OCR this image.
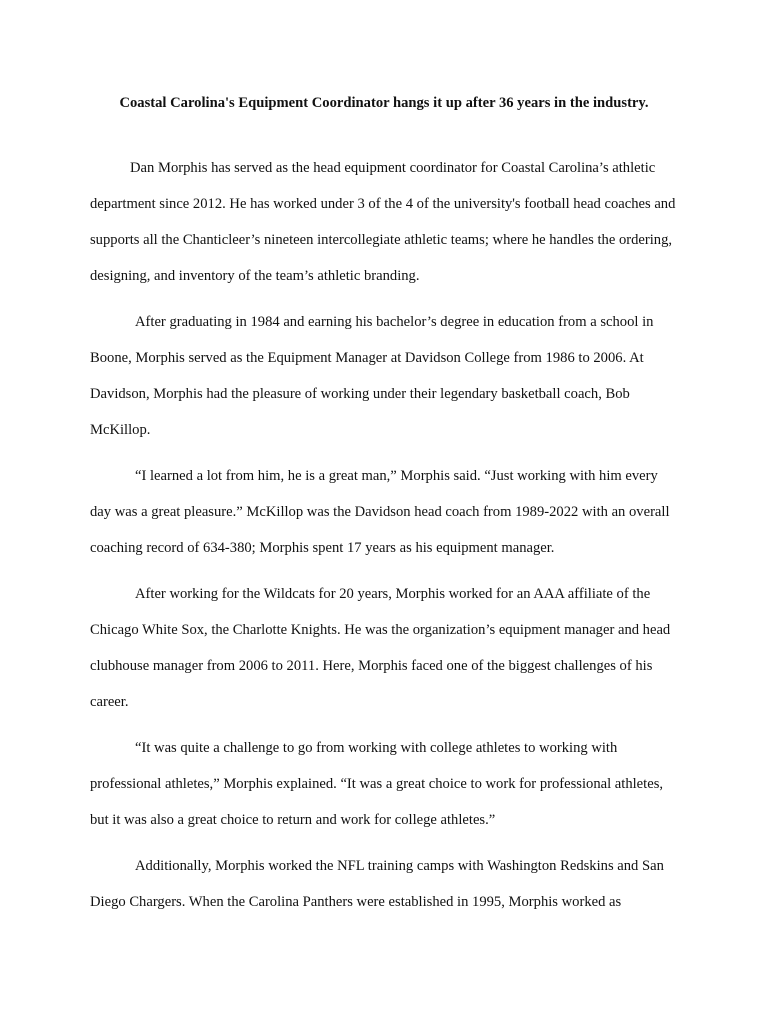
Coastal Carolina's Equipment Coordinator hangs it up after 36 years in the industry.

Dan Morphis has served as the head equipment coordinator for Coastal Carolina’s athletic department since 2012. He has worked under 3 of the 4 of the university's football head coaches and supports all the Chanticleer’s nineteen intercollegiate athletic teams; where he handles the ordering, designing, and inventory of the team’s athletic branding.

After graduating in 1984 and earning his bachelor’s degree in education from a school in Boone, Morphis served as the Equipment Manager at Davidson College from 1986 to 2006. At Davidson, Morphis had the pleasure of working under their legendary basketball coach, Bob McKillop.

“I learned a lot from him, he is a great man,” Morphis said. “Just working with him every day was a great pleasure.” McKillop was the Davidson head coach from 1989-2022 with an overall coaching record of 634-380; Morphis spent 17 years as his equipment manager.

After working for the Wildcats for 20 years, Morphis worked for an AAA affiliate of the Chicago White Sox, the Charlotte Knights. He was the organization’s equipment manager and head clubhouse manager from 2006 to 2011. Here, Morphis faced one of the biggest challenges of his career.

“It was quite a challenge to go from working with college athletes to working with professional athletes,” Morphis explained. “It was a great choice to work for professional athletes, but it was also a great choice to return and work for college athletes.”

Additionally, Morphis worked the NFL training camps with Washington Redskins and San Diego Chargers. When the Carolina Panthers were established in 1995, Morphis worked as
